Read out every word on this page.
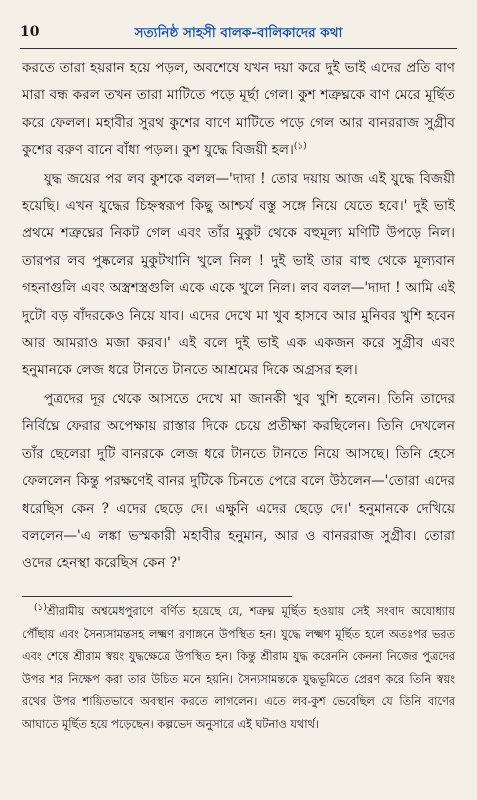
10	সত্যনিষ্ঠ সাহসী বালক-বালিকাদের কথা

করতে তারা হয়রান হয়ে পড়ল, অবশেষে যখন দয়া করে দুই ভাই এদের প্রতি বাণ মারা বন্ধ করল তখন তারা মাটিতে পড়ে মূর্ছা গেল। কুশ শত্রুঘ্নকে বাণ মেরে মূর্ছিত করে ফেলল। মহাবীর সুরথ কুশের বাণে মাটিতে পড়ে গেল আর বানররাজ সুগ্রীব কুশের বরুণ বানে বাঁধা পড়ল। কুশ যুদ্ধে বিজয়ী হল।$^{(১)}$

যুদ্ধ জয়ের পর লব কুশকে বলল—'দাদা ! তোর দয়ায় আজ এই যুদ্ধে বিজয়ী হয়েছি। এখন যুদ্ধের চিহ্নস্বরূপ কিছু আশ্চর্য বস্তু সঙ্গে নিয়ে যেতে হবে।' দুই ভাই প্রথমে শত্রুঘ্নের নিকট গেল এবং তাঁর মুকুট থেকে বহুমূল্য মণিটি উপড়ে নিল। তারপর লব পুষ্কলের মুকুটখানি খুলে নিল ! দুই ভাই তার বাহু থেকে মূল্যবান গহনাগুলি এবং অস্ত্রশস্ত্রগুলি একে একে খুলে নিল। লব বলল—'দাদা ! আমি এই দুটো বড় বাঁদরকেও নিয়ে যাব। এদের দেখে মা খুব হাসবে আর মুনিবর খুশি হবেন আর আমরাও মজা করব।' এই বলে দুই ভাই এক একজন করে সুগ্রীব এবং হনুমানকে লেজ ধরে টানতে টানতে আশ্রমের দিকে অগ্রসর হল।

পুত্রদের দূর থেকে আসতে দেখে মা জানকী খুব খুশি হলেন। তিনি তাদের নির্বিঘ্নে ফেরার অপেক্ষায় রাস্তার দিকে চেয়ে প্রতীক্ষা করছিলেন। তিনি দেখলেন তাঁর ছেলেরা দুটি বানরকে লেজ ধরে টানতে টানতে নিয়ে আসছে। তিনি হেসে ফেললেন কিন্তু পরক্ষণেই বানর দুটিকে চিনতে পেরে বলে উঠলেন—'তোরা এদের ধরেছিস কেন ? এদের ছেড়ে দে। এক্ষুনি এদের ছেড়ে দে।' হনুমানকে দেখিয়ে বললেন—'এ লঙ্কা ভস্মকারী মহাবীর হনুমান, আর ও বানররাজ সুগ্রীব। তোরা ওদের হেনস্থা করেছিস কেন ?'

$^{(১)}$শ্রীরামীয় অশ্বমেধপুরাণে বর্ণিত হয়েছে যে, শত্রুঘ্ন মূর্ছিত হওয়ায় সেই সংবাদ অযোধ্যায় পৌঁছায় এবং সৈন্যসামন্তসহ লক্ষ্মণ রণাঙ্গনে উপস্থিত হন। যুদ্ধে লক্ষ্মণ মূর্ছিত হলে অতঃপর ভরত এবং শেষে শ্রীরাম স্বয়ং যুদ্ধক্ষেত্রে উপস্থিত হন। কিন্তু শ্রীরাম যুদ্ধ করেননি কেননা নিজের পুত্রদের উপর শর নিক্ষেপ করা তার উচিত মনে হয়নি। সৈন্যসামন্তকে যুদ্ধভূমিতে প্রেরণ করে তিনি স্বয়ং রথের উপর শায়িতভাবে অবস্থান করতে লাগলেন। এতে লব-কুশ ভেবেছিল যে তিনি বাণের আঘাতে মূর্ছিত হয়ে পড়েছেন। কল্পভেদ অনুসারে এই ঘটনাও যথার্থ।
